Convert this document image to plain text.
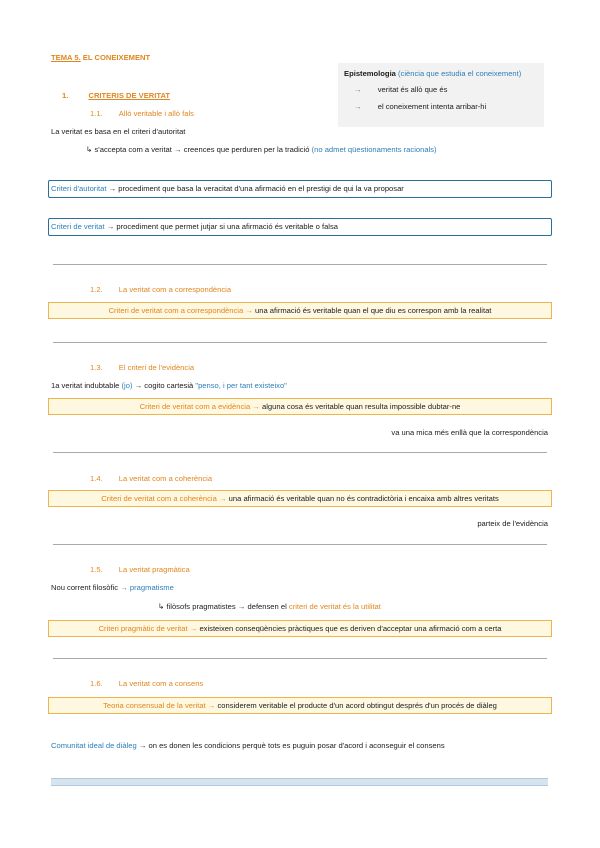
TEMA 5. EL CONEIXEMENT
Epistemologia (ciència que estudia el coneixement)
→ veritat és allò que és
→ el coneixement intenta arribar-hi
1.	CRITERIS DE VERITAT
1.1. Allò veritable i allò fals
La veritat es basa en el criteri d'autoritat
↳ s'accepta com a veritat → creences que perduren per la tradició (no admet qüestionaments racionals)
Criteri d'autoritat → procediment que basa la veracitat d'una afirmació en el prestigi de qui la va proposar
Criteri de veritat → procediment que permet jutjar si una afirmació és veritable o falsa
1.2. La veritat com a correspondència
Criteri de veritat com a correspondència → una afirmació és veritable quan el que diu es correspon amb la realitat
1.3. El criteri de l'evidència
1a veritat indubtable (jo) → cogito cartesià "penso, i per tant existeixo"
Criteri de veritat com a evidència → alguna cosa és veritable quan resulta impossible dubtar-ne
va una mica més enllà que la correspondència
1.4. La veritat com a coherència
Criteri de veritat com a coherència → una afirmació és veritable quan no és contradictòria i encaixa amb altres veritats
parteix de l'evidència
1.5. La veritat pragmàtica
Nou corrent filosòfic → pragmatisme
↳ filòsofs pragmatistes → defensen el criteri de veritat és la utilitat
Criteri pragmàtic de veritat → existeixen conseqüències pràctiques que es deriven d'acceptar una afirmació com a certa
1.6. La veritat com a consens
Teoria consensual de la veritat → considerem veritable el producte d'un acord obtingut després d'un procés de diàleg
Comunitat ideal de diàleg → on es donen les condicions perquè tots es puguin posar d'acord i aconseguir el consens
